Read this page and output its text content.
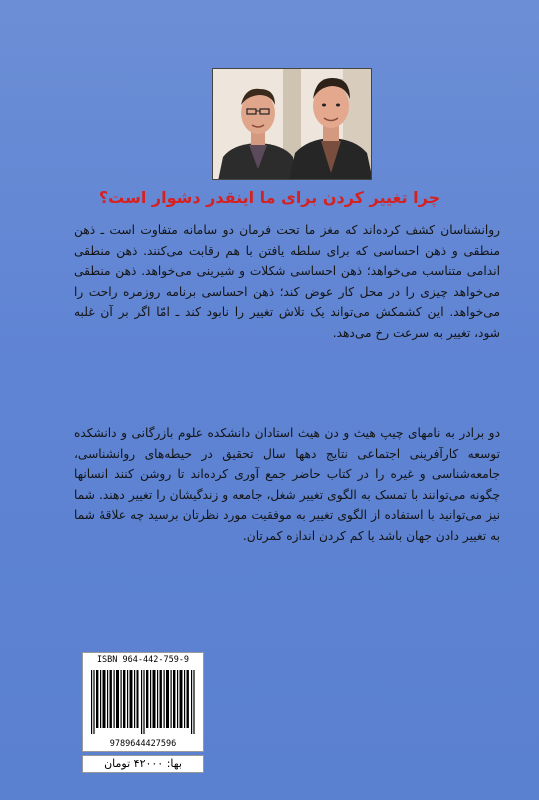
چرا تغییر کردن برای ما اینقدر دشوار است؟

روانشناسان کشف کرده‌اند که مغز ما تحت فرمان دو سامانه متفاوت است ـ ذهن منطقی و ذهن احساسی که برای سلطه یافتن با هم رقابت می‌کنند. ذهن منطقی اندامی متناسب می‌خواهد؛ ذهن احساسی شکلات و شیرینی می‌خواهد. ذهن منطقی می‌خواهد چیزی را در محل کار عوض کند؛ ذهن احساسی برنامه روزمره راحت را می‌خواهد. این کشمکش می‌تواند یک تلاش تغییر را نابود کند ـ امّا اگر بر آن غلبه شود، تغییر به سرعت رخ می‌دهد.

دو برادر به نامهای چیپ هیث و دن هیث استادان دانشکده علوم بازرگانی و دانشکده توسعه کارآفرینی اجتماعی نتایج دهها سال تحقیق در حیطه‌های روانشناسی، جامعه‌شناسی و غیره را در کتاب حاضر جمع آوری کرده‌اند تا روشن کنند انسانها چگونه می‌توانند با تمسک به الگوی تغییر شغل، جامعه و زندگیشان را تغییر دهند. شما نیز می‌توانید با استفاده از الگوی تغییر به موفقیت مورد نظرتان برسید چه علاقهٔ شما به تغییر دادن جهان باشد یا کم کردن اندازه کمرتان.

ISBN 964-442-759-9
9789644427596
بها: ۴۲۰۰۰ تومان
